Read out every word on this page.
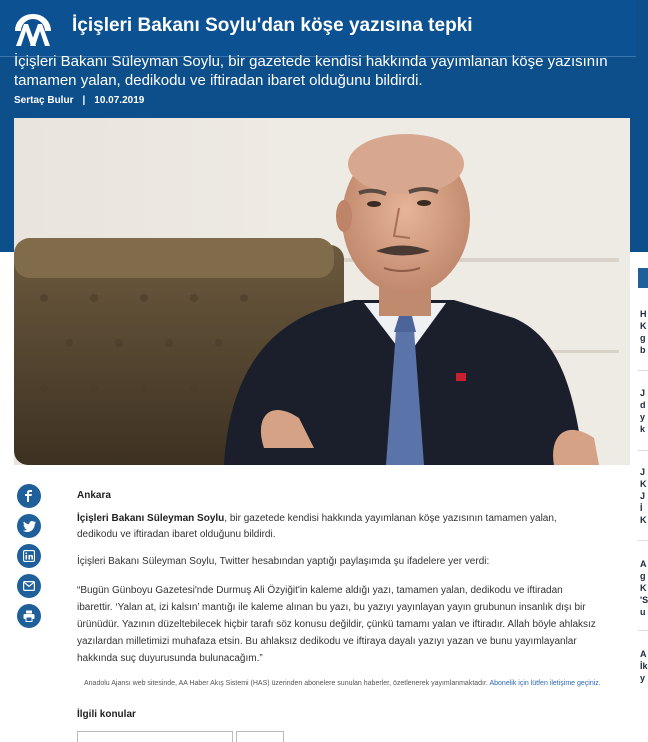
İçişleri Bakanı Soylu'dan köşe yazısına tepki
İçişleri Bakanı Süleyman Soylu, bir gazetede kendisi hakkında yayımlanan köşe yazısının tamamen yalan, dedikodu ve iftiradan ibaret olduğunu bildirdi.
Sertaç Bulur | 10.07.2019
Ankara
İçişleri Bakanı Süleyman Soylu, bir gazetede kendisi hakkında yayımlanan köşe yazısının tamamen yalan, dedikodu ve iftiradan ibaret olduğunu bildirdi.
İçişleri Bakanı Süleyman Soylu, Twitter hesabından yaptığı paylaşımda şu ifadelere yer verdi:
“Bugün Günboyu Gazetesi'nde Durmuş Ali Özyiğit'in kaleme aldığı yazı, tamamen yalan, dedikodu ve iftiradan ibarettir. ‘Yalan at, izi kalsın’ mantığı ile kaleme alınan bu yazı, bu yazıyı yayınlayan yayın grubunun insanlık dışı bir ürünüdür. Yazının düzeltebilecek hiçbir tarafı söz konusu değildir, çünkü tamamı yalan ve iftiradır. Allah böyle ahlaksız yazılardan milletimizi muhafaza etsin. Bu ahlaksız dedikodu ve iftiraya dayalı yazıyı yazan ve bunu yayımlayanlar hakkında suç duyurusunda bulunacağım.”
Anadolu Ajansı web sitesinde, AA Haber Akış Sistemi (HAS) üzerinden abonelere sunulan haberler, özetlenerek yayımlanmaktadır. Abonelik için lütfen iletişime geçiniz.
İlgili konular
H
K
g
b
J
d
y
k
J
K
J
İ
K
A
g
K
'S
u
A
İk
y
